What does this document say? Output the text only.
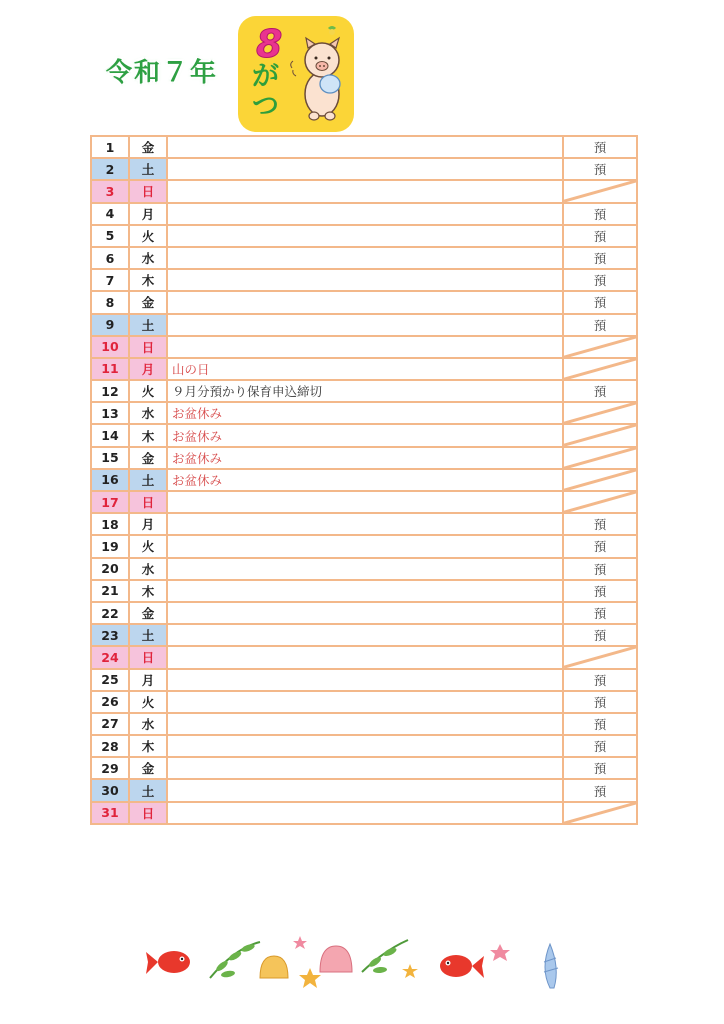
令和７年
8
がつ
1	金		預
2	土		預
3	日		

4	月		預
5	火		預
6	水		預
7	木		預
8	金		預
9	土		預
10	日		

11	月	山の日	

12	火	９月分預かり保育申込締切	預
13	水	お盆休み	

14	木	お盆休み	

15	金	お盆休み	

16	土	お盆休み	

17	日		

18	月		預
19	火		預
20	水		預
21	木		預
22	金		預
23	土		預
24	日		

25	月		預
26	火		預
27	水		預
28	木		預
29	金		預
30	土		預
31	日		
